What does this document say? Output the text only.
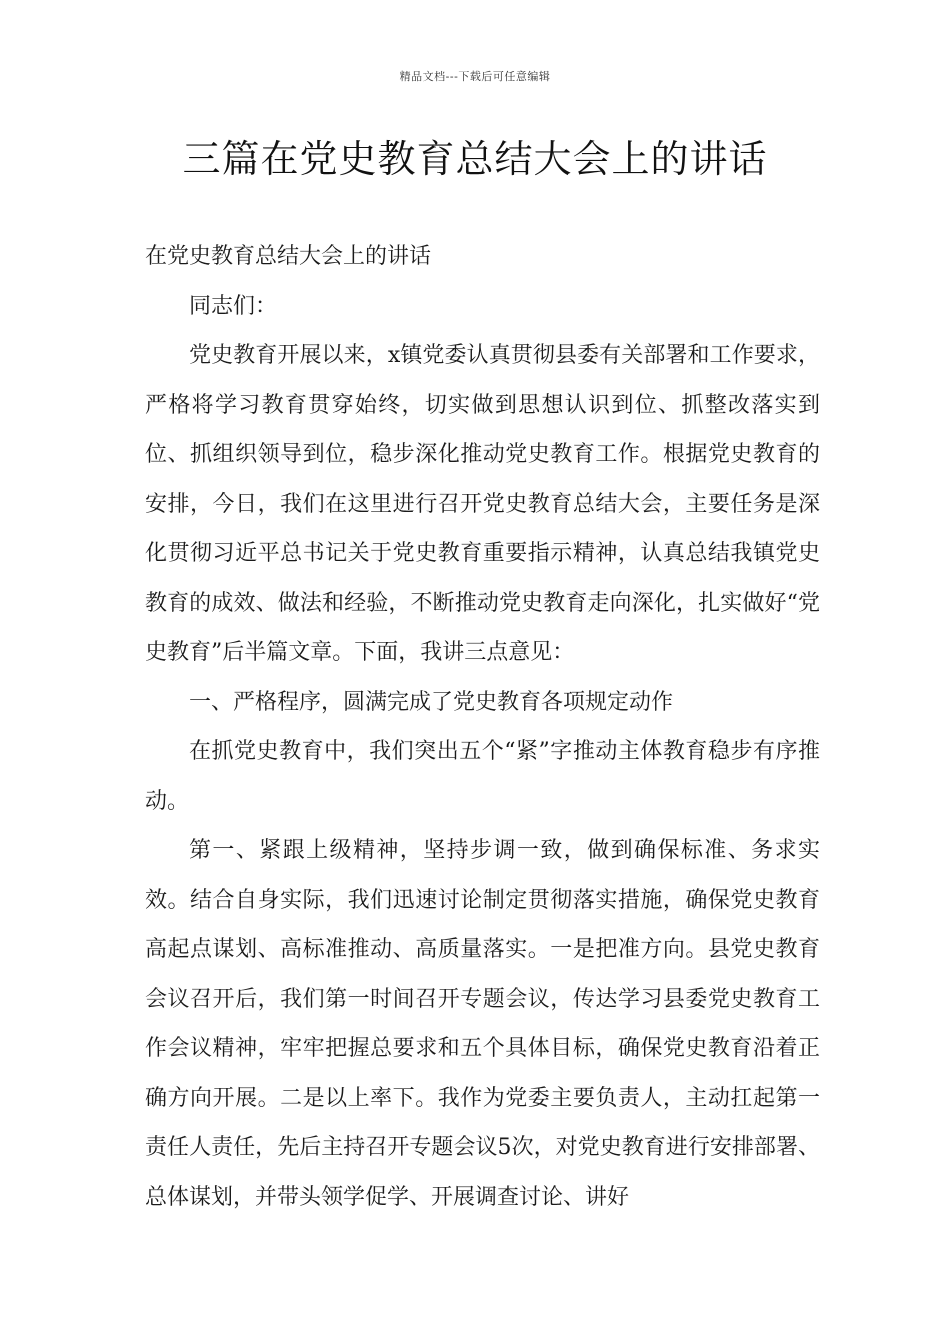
精品文档---下载后可任意编辑
三篇在党史教育总结大会上的讲话

在党史教育总结大会上的讲话

同志们：

党史教育开展以来，x镇党委认真贯彻县委有关部署和工作要求，严格将学习教育贯穿始终，切实做到思想认识到位、抓整改落实到位、抓组织领导到位，稳步深化推动党史教育工作。根据党史教育的安排，今日，我们在这里进行召开党史教育总结大会，主要任务是深化贯彻习近平总书记关于党史教育重要指示精神，认真总结我镇党史教育的成效、做法和经验，不断推动党史教育走向深化，扎实做好“党史教育”后半篇文章。下面，我讲三点意见：

一、严格程序，圆满完成了党史教育各项规定动作

在抓党史教育中，我们突出五个“紧”字推动主体教育稳步有序推动。

第一、紧跟上级精神，坚持步调一致，做到确保标准、务求实效。结合自身实际，我们迅速讨论制定贯彻落实措施，确保党史教育高起点谋划、高标准推动、高质量落实。一是把准方向。县党史教育会议召开后，我们第一时间召开专题会议，传达学习县委党史教育工作会议精神，牢牢把握总要求和五个具体目标，确保党史教育沿着正确方向开展。二是以上率下。我作为党委主要负责人，主动扛起第一责任人责任，先后主持召开专题会议5次，对党史教育进行安排部署、总体谋划，并带头领学促学、开展调查讨论、讲好
